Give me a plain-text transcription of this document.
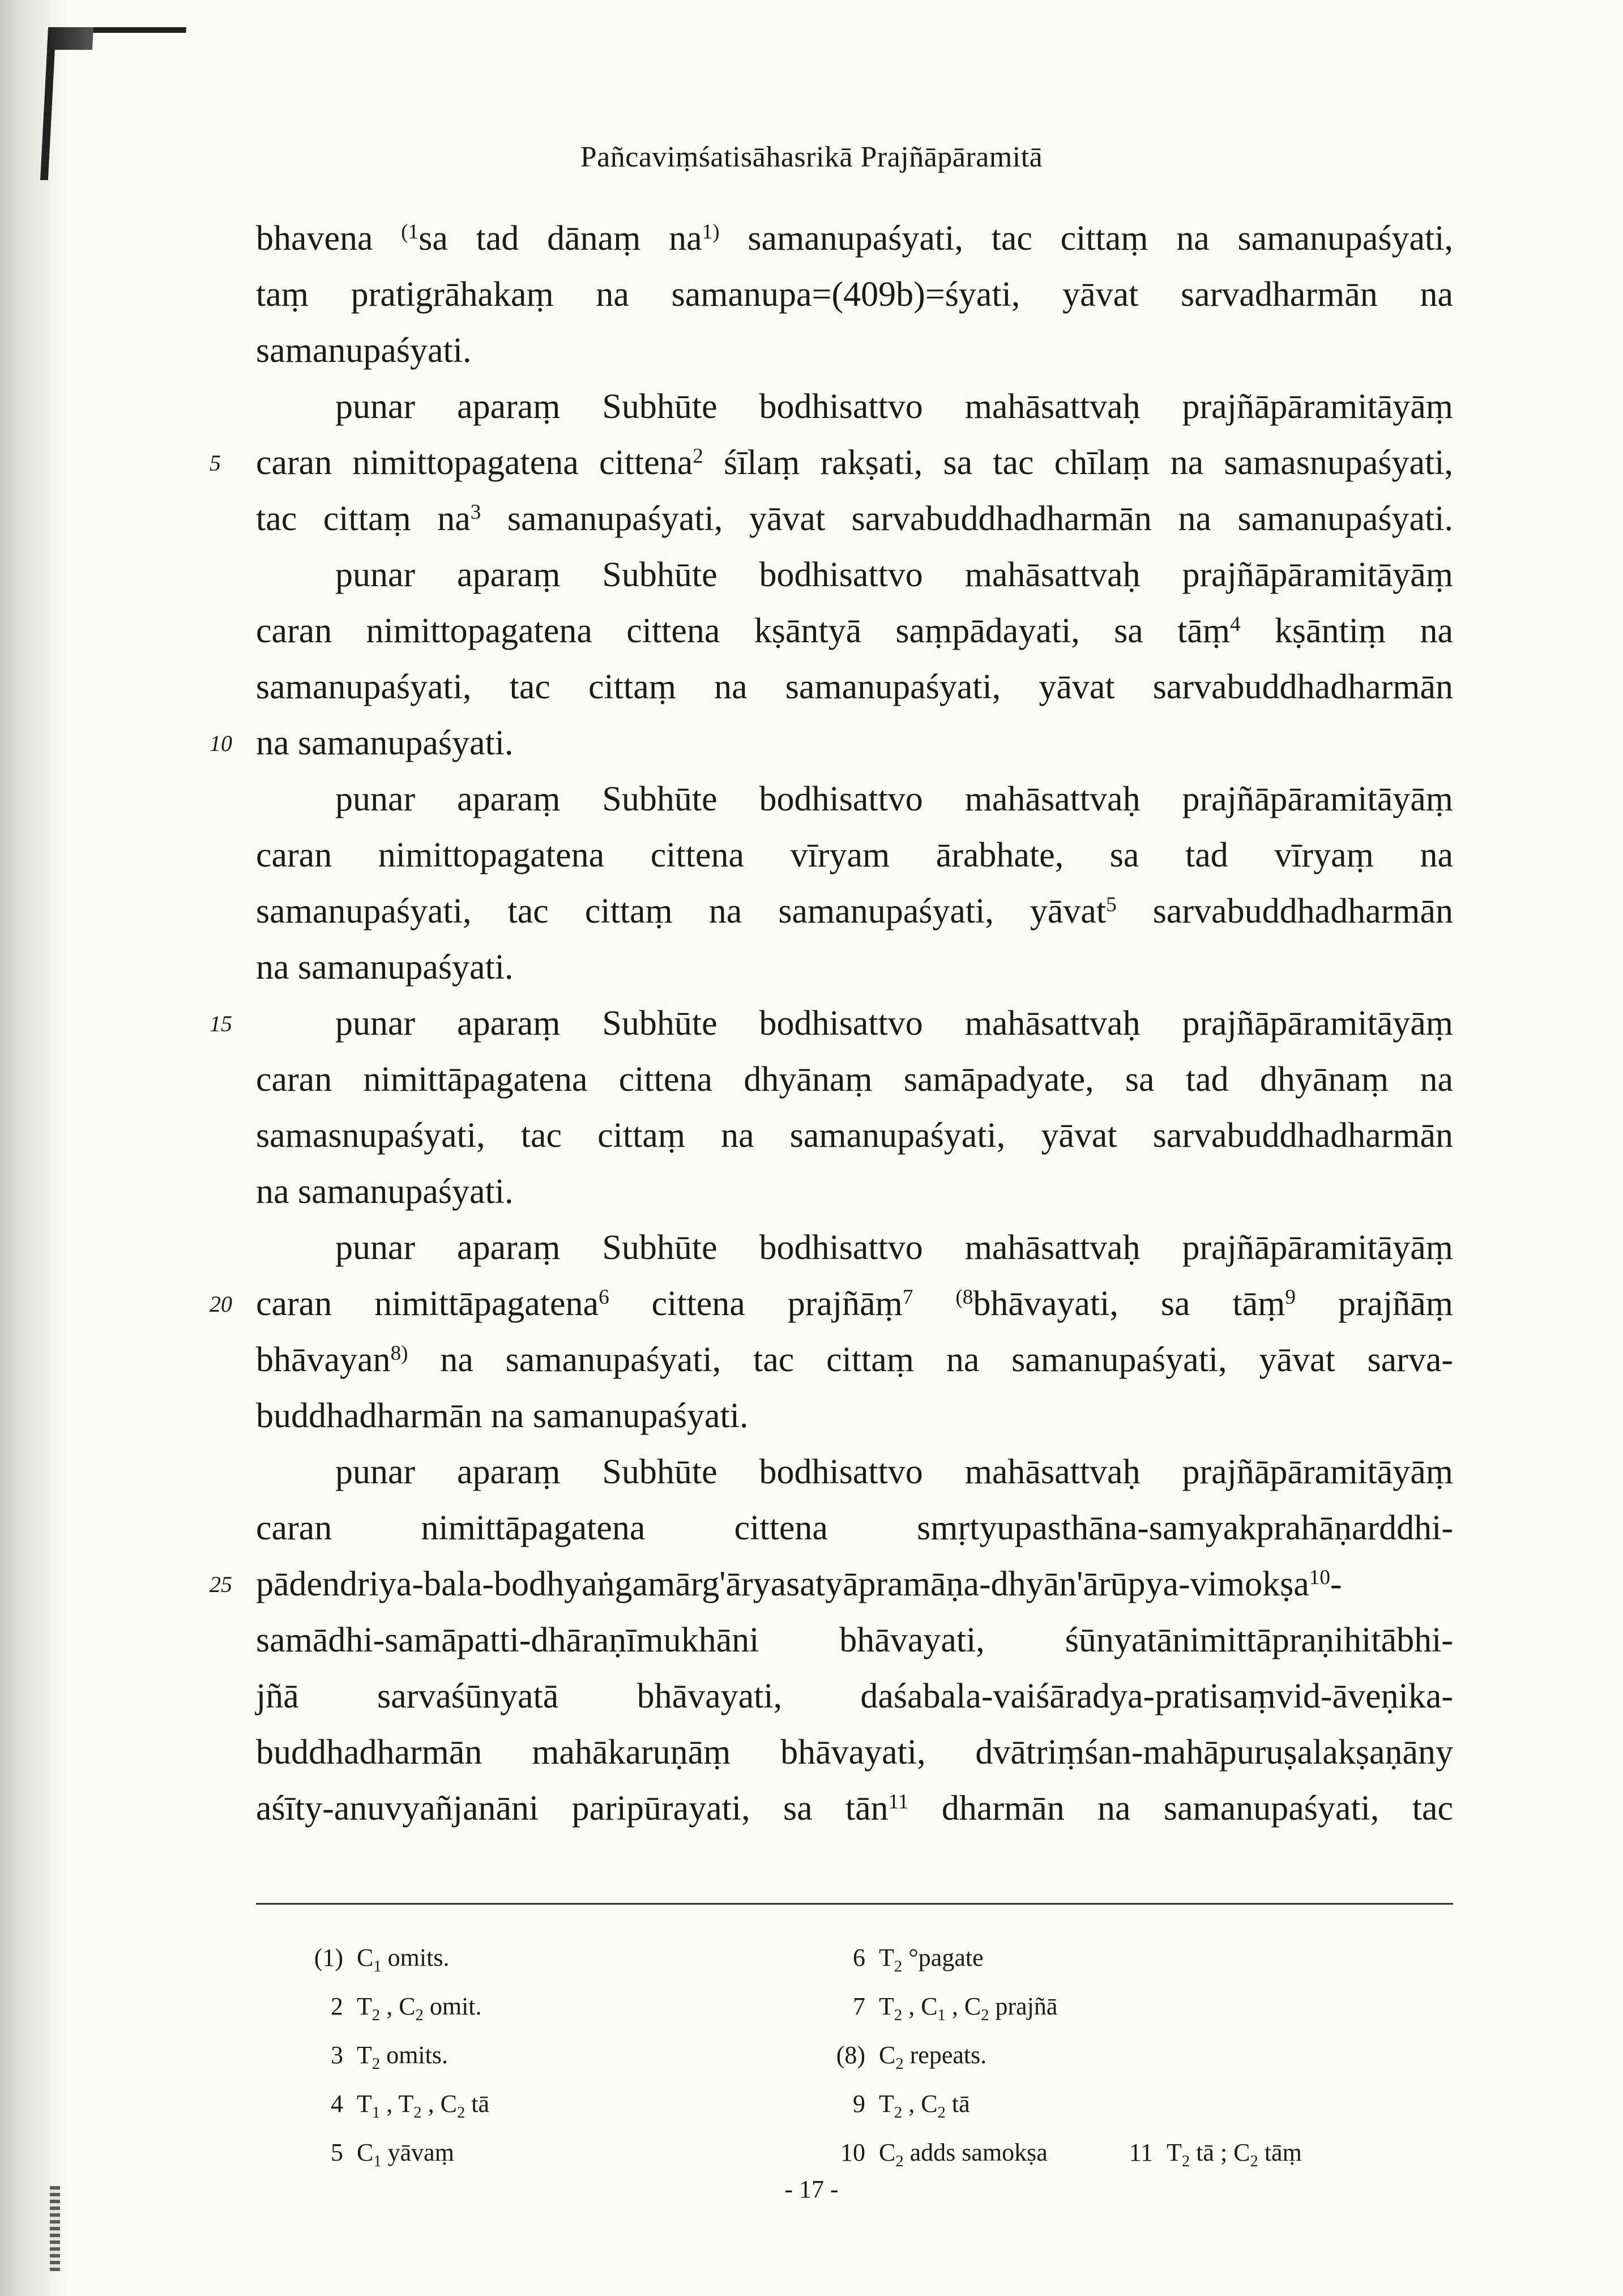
Pañcaviṃśatisāhasrikā Prajñāpāramitā
bhavena $^{(1}$sa tad dānaṃ $na^{1)}$ samanupaśyati, tac cittaṃ na samanupaśyati,
taṃ pratigrāhakaṃ na samanupa=(409b)=śyati, yāvat sarvadharmān na
samanupaśyati.
punar aparaṃ Subhūte bodhisattvo mahāsattvaḥ prajñāpāramitāyāṃ
5	caran nimittopagatena cittena$^2$ śīlaṃ rakṣati, sa tac chīlaṃ na samasnupaśyati,
tac cittaṃ $na^3$ samanupaśyati, yāvat sarvabuddhadharmān na samanupaśyati.
punar aparaṃ Subhūte bodhisattvo mahāsattvaḥ prajñāpāramitāyāṃ
caran nimittopagatena cittena kṣāntyā saṃpādayati, sa tāṃ$^4$ kṣāntiṃ na
samanupaśyati, tac cittaṃ na samanupaśyati, yāvat sarvabuddhadharmān
10 na samanupaśyati.
punar aparaṃ Subhūte bodhisattvo mahāsattvaḥ prajñāpāramitāyāṃ
caran nimittopagatena cittena vīryam ārabhate, sa tad vīryaṃ na
samanupaśyati, tac cittaṃ na samanupaśyati, yāvat$^5$ sarvabuddhadharmān
na samanupaśyati.
15	punar aparaṃ Subhūte bodhisattvo mahāsattvaḥ prajñāpāramitāyāṃ
caran nimittāpagatena cittena dhyānaṃ samāpadyate, sa tad dhyānaṃ na
samasnupaśyati, tac cittaṃ na samanupaśyati, yāvat sarvabuddhadharmān
na samanupaśyati.
punar aparaṃ Subhūte bodhisattvo mahāsattvaḥ prajñāpāramitāyāṃ
20 caran nimittāpagatena$^6$ cittena prajñāṃ$^7$ $^{(8}$bhāvayati, sa tāṃ$^9$ prajñāṃ
bhāvayan$^{8)}$ na samanupaśyati, tac cittaṃ na samanupaśyati, yāvat sarva-
buddhadharmān na samanupaśyati.
punar aparaṃ Subhūte bodhisattvo mahāsattvaḥ prajñāpāramitāyāṃ
caran nimittāpagatena cittena smṛtyupasthāna-samyakprahāṇarddhi-
25 pādendriya-bala-bodhyaṅgamārg'āryasatyāpramāṇa-dhyān'ārūpya-vimokṣa$^{10}$-
samādhi-samāpatti-dhāraṇīmukhāni bhāvayati, śūnyatānimittāpraṇihitābhi-
jñā sarvaśūnyatā bhāvayati, daśabala-vaiśāradya-pratisaṃvid-āveṇika-
buddhadharmān mahākaruṇāṃ bhāvayati, dvātriṃśan-mahāpuruṣalakṣaṇāny
aśīty-anuvyañjanāni paripūrayati, sa tān$^{11}$ dharmān na samanupaśyati, tac
(1) $C_1$ omits.
2 $T_2$ , $C_2$ omit.
3 $T_2$ omits.
4 $T_1$ , $T_2$ , $C_2$ tā
5 $C_1$ yāvaṃ
6 $T_2$ °pagate
7 $T_2$ , $C_1$ , $C_2$ prajñā
(8) $C_2$ repeats.
9 $T_2$ , $C_2$ tā
10 $C_2$ adds samokṣa	11 $T_2$ tā ; $C_2$ tāṃ
- 17 -
